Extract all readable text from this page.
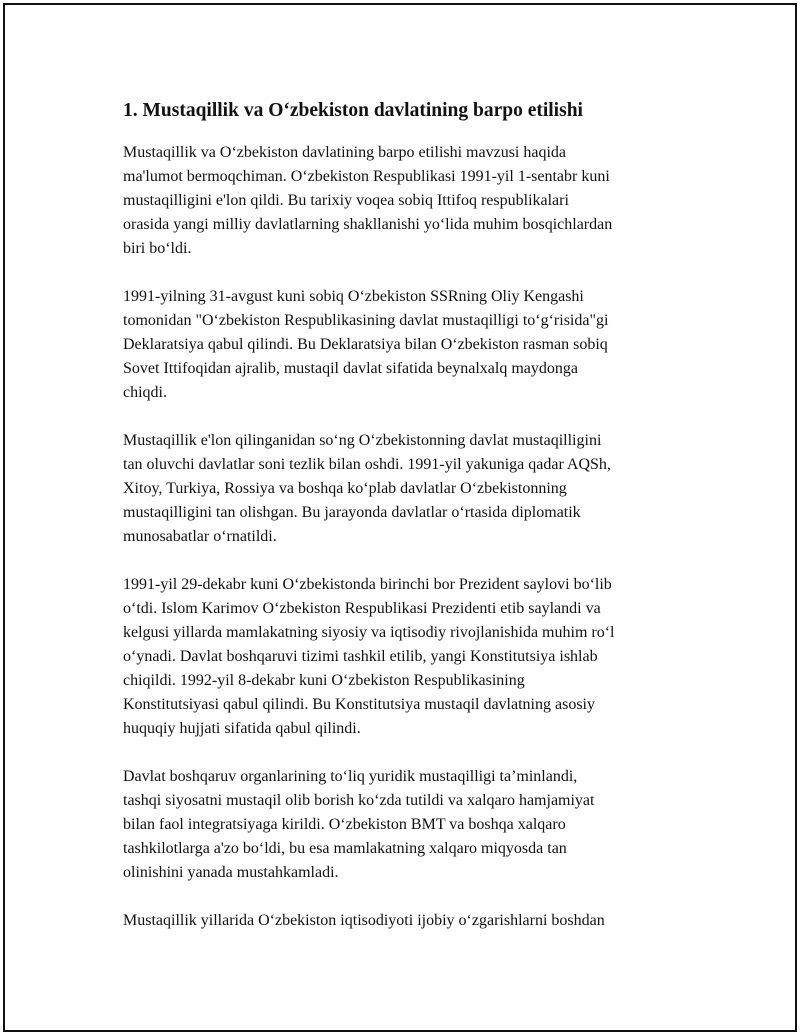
1. Mustaqillik va O‘zbekiston davlatining barpo etilishi
Mustaqillik va O‘zbekiston davlatining barpo etilishi mavzusi haqida
ma'lumot bermoqchiman. O‘zbekiston Respublikasi 1991-yil 1-sentabr kuni
mustaqilligini e'lon qildi. Bu tarixiy voqea sobiq Ittifoq respublikalari
orasida yangi milliy davlatlarning shakllanishi yo‘lida muhim bosqichlardan
biri bo‘ldi.
1991-yilning 31-avgust kuni sobiq O‘zbekiston SSRning Oliy Kengashi
tomonidan "O‘zbekiston Respublikasining davlat mustaqilligi to‘g‘risida"gi
Deklaratsiya qabul qilindi. Bu Deklaratsiya bilan O‘zbekiston rasman sobiq
Sovet Ittifoqidan ajralib, mustaqil davlat sifatida beynalxalq maydonga
chiqdi.
Mustaqillik e'lon qilinganidan so‘ng O‘zbekistonning davlat mustaqilligini
tan oluvchi davlatlar soni tezlik bilan oshdi. 1991-yil yakuniga qadar AQSh,
Xitoy, Turkiya, Rossiya va boshqa ko‘plab davlatlar O‘zbekistonning
mustaqilligini tan olishgan. Bu jarayonda davlatlar o‘rtasida diplomatik
munosabatlar o‘rnatildi.
1991-yil 29-dekabr kuni O‘zbekistonda birinchi bor Prezident saylovi bo‘lib
o‘tdi. Islom Karimov O‘zbekiston Respublikasi Prezidenti etib saylandi va
kelgusi yillarda mamlakatning siyosiy va iqtisodiy rivojlanishida muhim ro‘l
o‘ynadi. Davlat boshqaruvi tizimi tashkil etilib, yangi Konstitutsiya ishlab
chiqildi. 1992-yil 8-dekabr kuni O‘zbekiston Respublikasining
Konstitutsiyasi qabul qilindi. Bu Konstitutsiya mustaqil davlatning asosiy
huquqiy hujjati sifatida qabul qilindi.
Davlat boshqaruv organlarining to‘liq yuridik mustaqilligi ta’minlandi,
tashqi siyosatni mustaqil olib borish ko‘zda tutildi va xalqaro hamjamiyat
bilan faol integratsiyaga kirildi. O‘zbekiston BMT va boshqa xalqaro
tashkilotlarga a'zo bo‘ldi, bu esa mamlakatning xalqaro miqyosda tan
olinishini yanada mustahkamladi.
Mustaqillik yillarida O‘zbekiston iqtisodiyoti ijobiy o‘zgarishlarni boshdan
